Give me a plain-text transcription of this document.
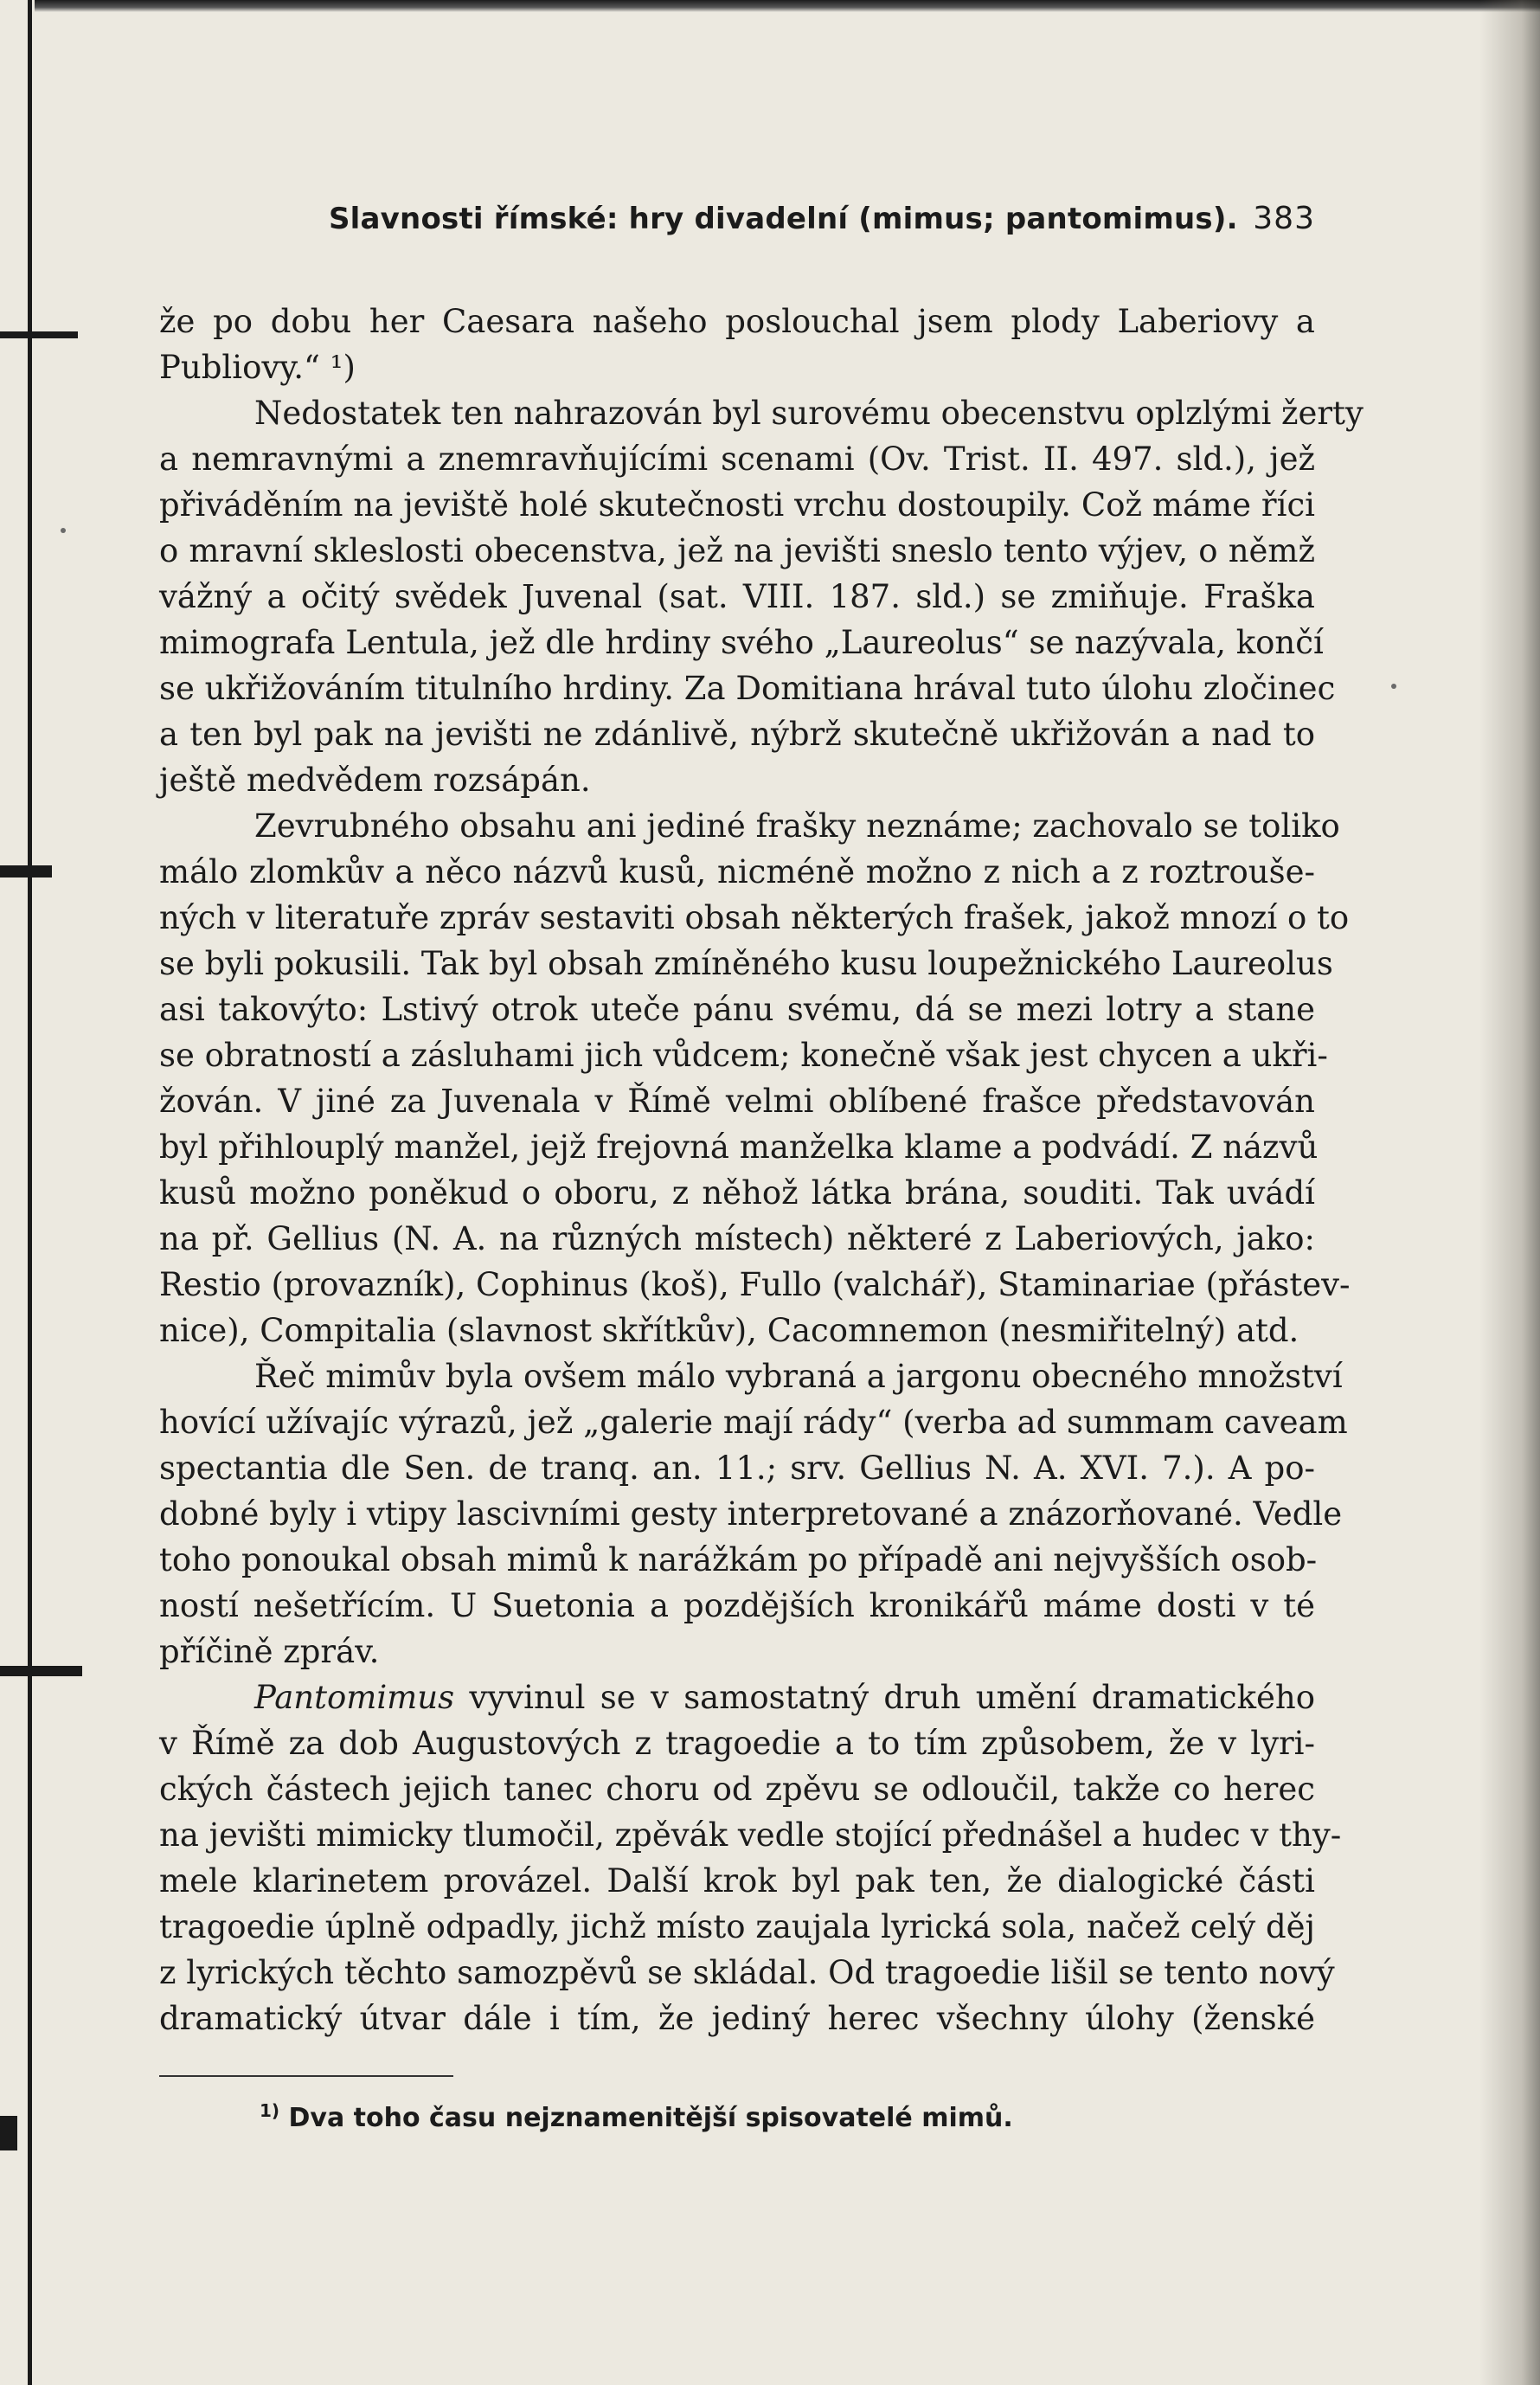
Slavnosti římské: hry divadelní (mimus; pantomimus). 383
že po dobu her Caesara našeho poslouchal jsem plody Laberiovy a
Publiovy.“ ¹)
Nedostatek ten nahrazován byl surovému obecenstvu oplzlými žerty
a nemravnými a znemravňujícími scenami (Ov. Trist. II. 497. sld.), jež
přiváděním na jeviště holé skutečnosti vrchu dostoupily. Což máme říci
o mravní skleslosti obecenstva, jež na jevišti sneslo tento výjev, o němž
vážný a očitý svědek Juvenal (sat. VIII. 187. sld.) se zmiňuje. Fraška
mimografa Lentula, jež dle hrdiny svého „Laureolus“ se nazývala, končí
se ukřižováním titulního hrdiny. Za Domitiana hrával tuto úlohu zločinec
a ten byl pak na jevišti ne zdánlivě, nýbrž skutečně ukřižován a nad to
ještě medvědem rozsápán.
Zevrubného obsahu ani jediné frašky neznáme; zachovalo se toliko
málo zlomkův a něco názvů kusů, nicméně možno z nich a z roztroušе-
ných v literatuře zpráv sestaviti obsah některých frašek, jakož mnozí o to
se byli pokusili. Tak byl obsah zmíněného kusu loupežnického Laureolus
asi takovýto: Lstivý otrok uteče pánu svému, dá se mezi lotry a stane
se obratností a zásluhami jich vůdcem; konečně však jest chycen a ukři-
žován. V jiné za Juvenala v Římě velmi oblíbené frašce představován
byl přihlouplý manžel, jejž frejovná manželka klame a podvádí. Z názvů
kusů možno poněkud o oboru, z něhož látka brána, souditi. Tak uvádí
na př. Gellius (N. A. na různých místech) některé z Laberiových, jako:
Restio (provazník), Cophinus (koš), Fullo (valchář), Staminariae (přástev-
nice), Compitalia (slavnost skřítkův), Cacomnemon (nesmiřitelný) atd.
Řeč mimův byla ovšem málo vybraná a jargonu obecného množství
hovící užívajíc výrazů, jež „galerie mají rády“ (verba ad summam caveam
spectantia dle Sen. de tranq. an. 11.; srv. Gellius N. A. XVI. 7.). A po-
dobné byly i vtipy lascivními gesty interpretované a znázorňované. Vedle
toho ponoukal obsah mimů k narážkám po případě ani nejvyšších osob-
ností nešetřícím. U Suetonia a pozdějších kronikářů máme dosti v té
příčině zpráv.
Pantomimus vyvinul se v samostatný druh umění dramatického
v Římě za dob Augustových z tragoedie a to tím způsobem, že v lyri-
ckých částech jejich tanec choru od zpěvu se odloučil, takže co herec
na jevišti mimicky tlumočil, zpěvák vedle stojící přednášel a hudec v thy-
mele klarinetem provázel. Další krok byl pak ten, že dialogické části
tragoedie úplně odpadly, jichž místo zaujala lyrická sola, načež celý děj
z lyrických těchto samozpěvů se skládal. Od tragoedie lišil se tento nový
dramatický útvar dále i tím, že jediný herec všechny úlohy (ženské
$^{1)}$ Dva toho času nejznamenitější spisovatelé mimů.
